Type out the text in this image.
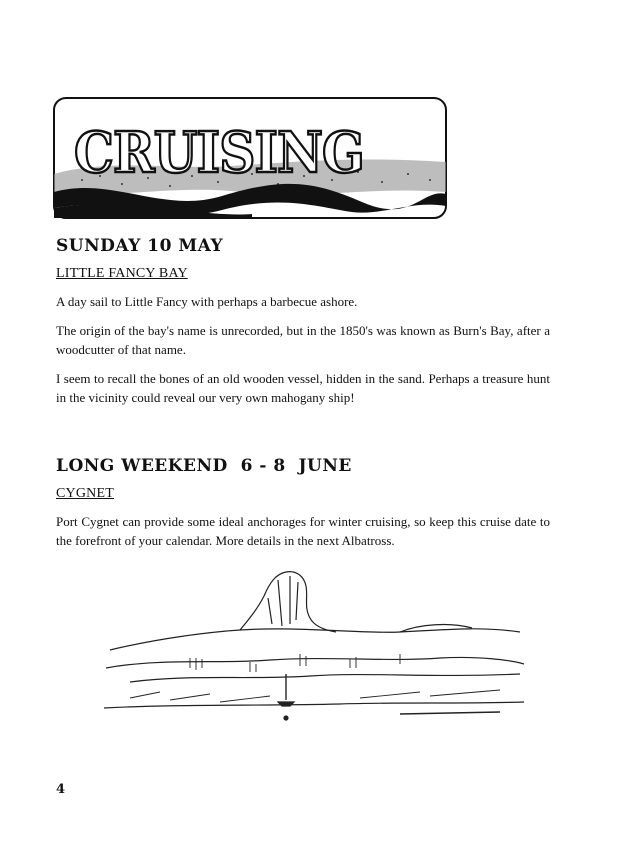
CRUISING
SUNDAY 10 MAY

LITTLE FANCY BAY

A day sail to Little Fancy with perhaps a barbecue ashore.

The origin of the bay's name is unrecorded, but in the 1850's was known as Burn's Bay, after a woodcutter of that name.

I seem to recall the bones of an old wooden vessel, hidden in the sand. Perhaps a treasure hunt in the vicinity could reveal our very own mahogany ship!

LONG WEEKEND  6 - 8  JUNE

CYGNET

Port Cygnet can provide some ideal anchorages for winter cruising, so keep this cruise date to the forefront of your calendar. More details in the next Albatross.

4
